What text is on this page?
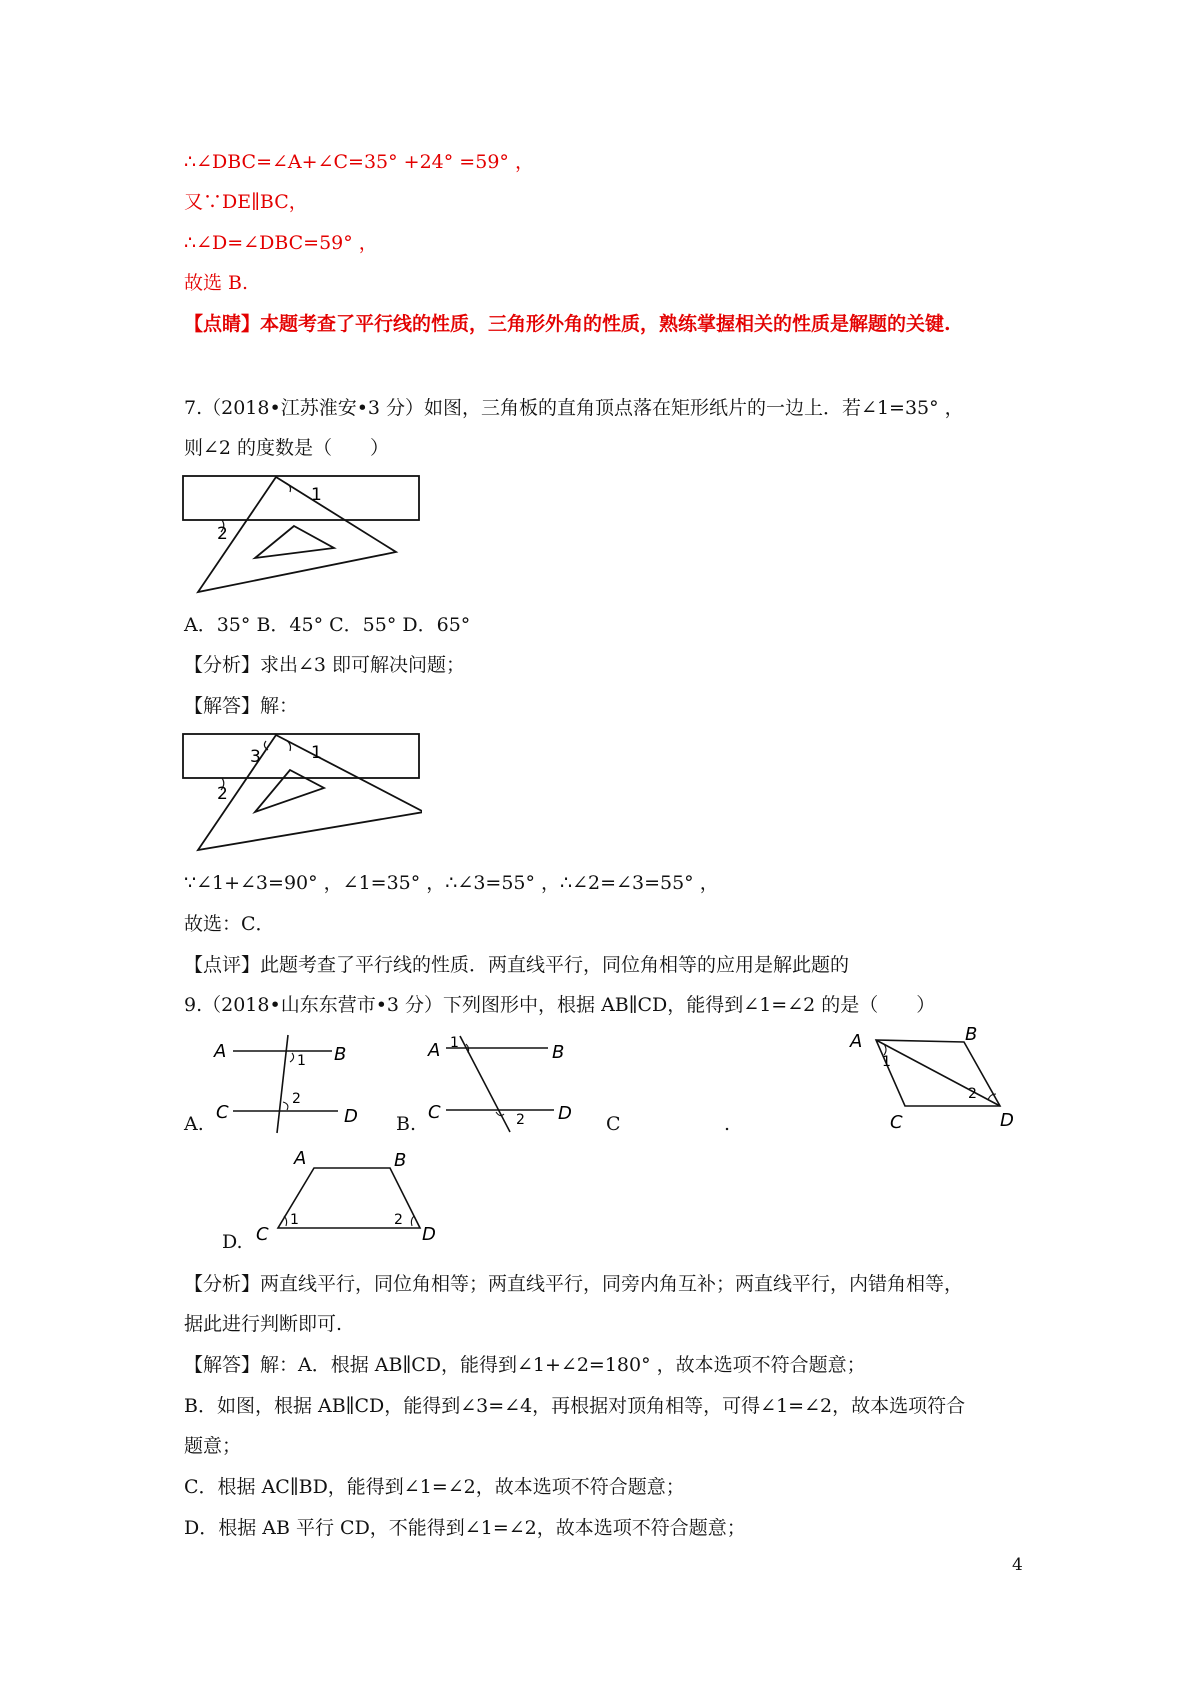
∴∠DBC=∠A+∠C=35° +24° =59° ，
又∵DE∥BC，
∴∠D=∠DBC=59° ，
故选 B.
【点睛】本题考查了平行线的性质，三角形外角的性质，熟练掌握相关的性质是解题的关键.
7.（2018•江苏淮安•3 分）如图，三角板的直角顶点落在矩形纸片的一边上．若∠1=35° ，
则∠2 的度数是（　　）
1
2
A．35° B．45° C．55° D．65°
【分析】求出∠3 即可解决问题；
【解答】解：
1
3
2
∵∠1+∠3=90° ，∠1=35° ，∴∠3=55° ，∴∠2=∠3=55° ，
故选：C．
【点评】此题考查了平行线的性质．两直线平行，同位角相等的应用是解此题的
9.（2018•山东东营市•3 分）下列图形中，根据 AB∥CD，能得到∠1=∠2 的是（　　）
A.
A	B
C	D
1
2
B.
A	B
C	D
1
2	C	.
A	B
C	D
1
2
D.
A	B
C	D
1	2
【分析】两直线平行，同位角相等；两直线平行，同旁内角互补；两直线平行，内错角相等，
据此进行判断即可.
【解答】解：A．根据 AB∥CD，能得到∠1+∠2=180° ，故本选项不符合题意；
B．如图，根据 AB∥CD，能得到∠3=∠4，再根据对顶角相等，可得∠1=∠2，故本选项符合
题意；
C．根据 AC∥BD，能得到∠1=∠2，故本选项不符合题意；
D．根据 AB 平行 CD，不能得到∠1=∠2，故本选项不符合题意；
4
